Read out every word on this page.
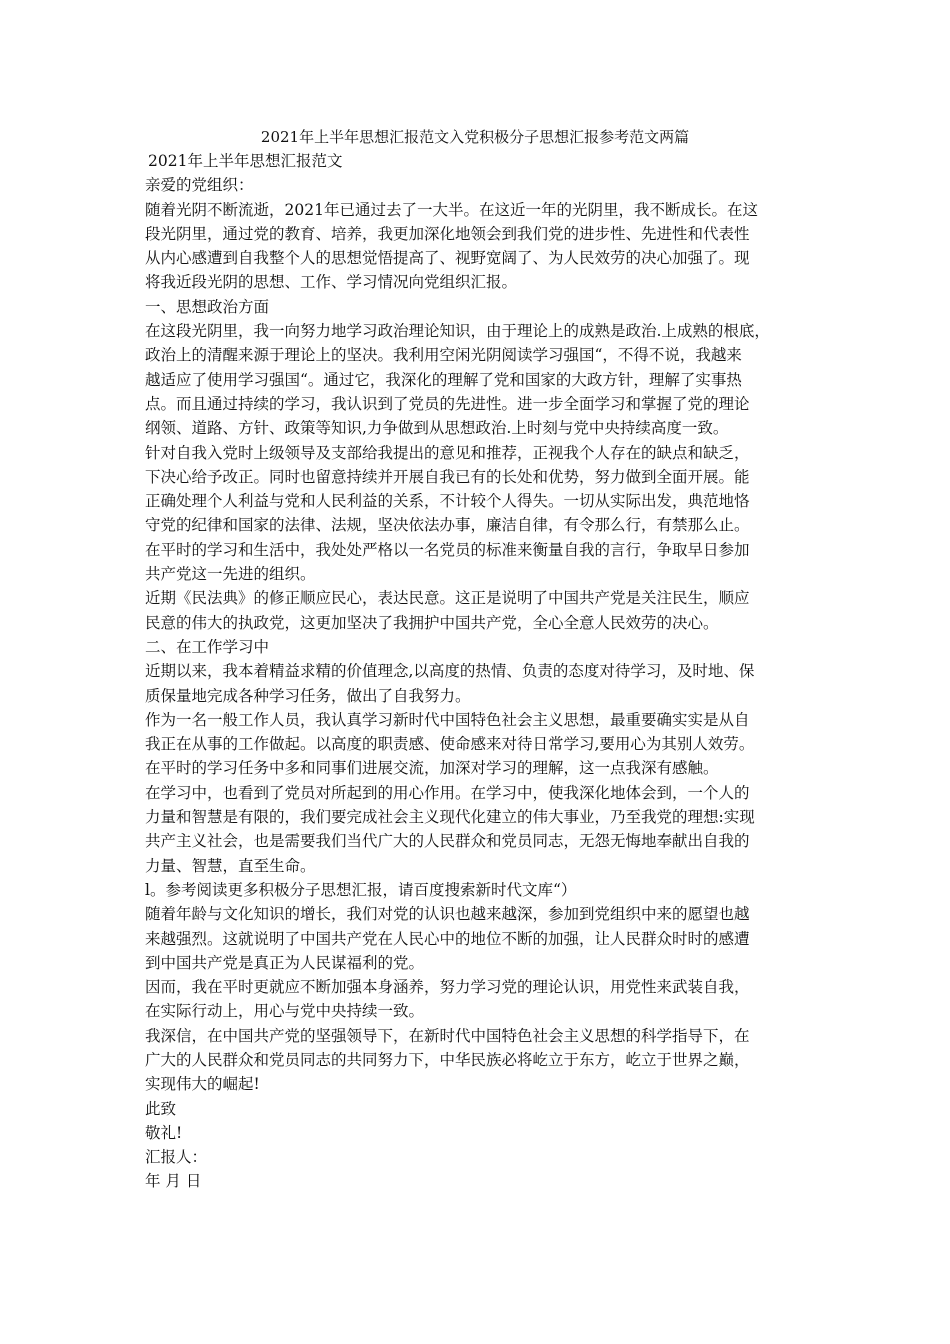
2021年上半年思想汇报范文入党积极分子思想汇报参考范文两篇
2021年上半年思想汇报范文
亲爱的党组织：
随着光阴不断流逝，2021年已通过去了一大半。在这近一年的光阴里，我不断成长。在这
段光阴里，通过党的教育、培养，我更加深化地领会到我们党的进步性、先进性和代表性
从内心感遭到自我整个人的思想觉悟提高了、视野宽阔了、为人民效劳的决心加强了。现
将我近段光阴的思想、工作、学习情况向党组织汇报。
一、思想政治方面
在这段光阴里，我一向努力地学习政治理论知识，由于理论上的成熟是政治.上成熟的根底，
政治上的清醒来源于理论上的坚决。我利用空闲光阴阅读学习强国“，不得不说，我越来
越适应了使用学习强国“。通过它，我深化的理解了党和国家的大政方针，理解了实事热
点。而且通过持续的学习，我认识到了党员的先进性。进一步全面学习和掌握了党的理论
纲领、道路、方针、政策等知识,力争做到从思想政治.上时刻与党中央持续高度一致。
针对自我入党时上级领导及支部给我提出的意见和推荐，正视我个人存在的缺点和缺乏，
下决心给予改正。同时也留意持续并开展自我已有的长处和优势，努力做到全面开展。能
正确处理个人利益与党和人民利益的关系，不计较个人得失。一切从实际出发，典范地恪
守党的纪律和国家的法律、法规，坚决依法办事，廉洁自律，有令那么行，有禁那么止。
在平时的学习和生活中，我处处严格以一名党员的标准来衡量自我的言行，争取早日参加
共产党这一先进的组织。
近期《民法典》的修正顺应民心，表达民意。这正是说明了中国共产党是关注民生，顺应
民意的伟大的执政党，这更加坚决了我拥护中国共产党，全心全意人民效劳的决心。
二、在工作学习中
近期以来，我本着精益求精的价值理念,以高度的热情、负责的态度对待学习，及时地、保
质保量地完成各种学习任务，做出了自我努力。
作为一名一般工作人员，我认真学习新时代中国特色社会主义思想，最重要确实实是从自
我正在从事的工作做起。以高度的职责感、使命感来对待日常学习,要用心为其别人效劳。
在平时的学习任务中多和同事们进展交流，加深对学习的理解，这一点我深有感触。
在学习中，也看到了党员对所起到的用心作用。在学习中，使我深化地体会到，一个人的
力量和智慧是有限的，我们要完成社会主义现代化建立的伟大事业，乃至我党的理想:实现
共产主义社会，也是需要我们当代广大的人民群众和党员同志，无怨无悔地奉献出自我的
力量、智慧，直至生命。
l。参考阅读更多积极分子思想汇报，请百度搜索新时代文库“）
随着年龄与文化知识的增长，我们对党的认识也越来越深，参加到党组织中来的愿望也越
来越强烈。这就说明了中国共产党在人民心中的地位不断的加强，让人民群众时时的感遭
到中国共产党是真正为人民谋福利的党。
因而，我在平时更就应不断加强本身涵养，努力学习党的理论认识，用党性来武装自我，
在实际行动上，用心与党中央持续一致。
我深信，在中国共产党的坚强领导下，在新时代中国特色社会主义思想的科学指导下，在
广大的人民群众和党员同志的共同努力下，中华民族必将屹立于东方，屹立于世界之巅，
实现伟大的崛起!
此致
敬礼!
汇报人：
年 月 日
